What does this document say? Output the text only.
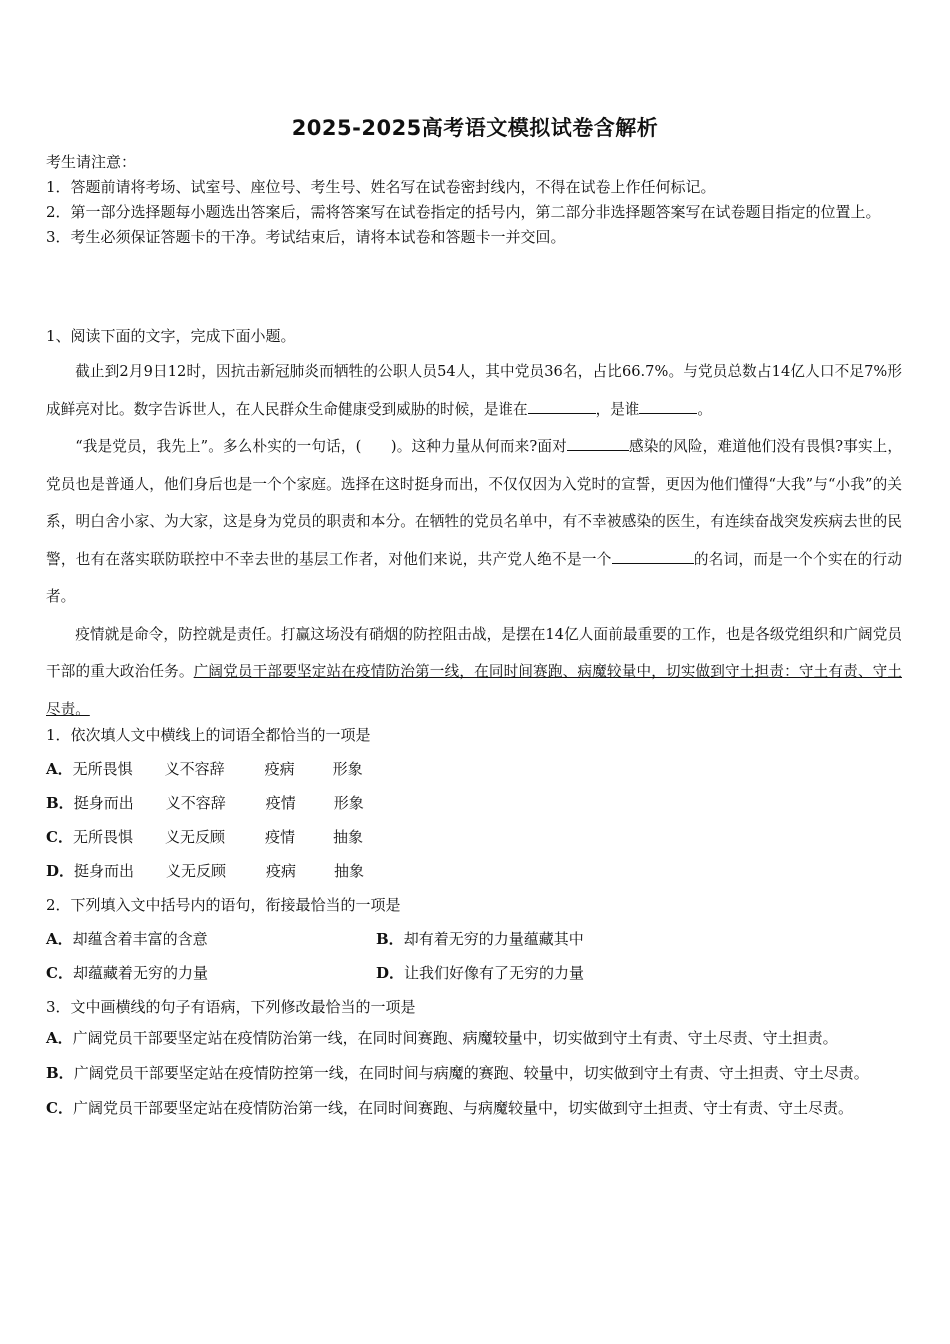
2025-2025高考语文模拟试卷含解析

考生请注意：

1．答题前请将考场、试室号、座位号、考生号、姓名写在试卷密封线内，不得在试卷上作任何标记。

2．第一部分选择题每小题选出答案后，需将答案写在试卷指定的括号内，第二部分非选择题答案写在试卷题目指定的位置上。

3．考生必须保证答题卡的干净。考试结束后，请将本试卷和答题卡一并交回。

1、阅读下面的文字，完成下面小题。

截止到2月9日12时，因抗击新冠肺炎而牺牲的公职人员54人，其中党员36名，占比66.7%。与党员总数占14亿人口不足7%形成鲜亮对比。数字告诉世人，在人民群众生命健康受到威胁的时候，是谁在	，是谁	。

“我是党员，我先上”。多么朴实的一句话，(　　)。这种力量从何而来?面对	感染的风险，难道他们没有畏惧?事实上，党员也是普通人，他们身后也是一个个家庭。选择在这时挺身而出，不仅仅因为入党时的宣誓，更因为他们懂得“大我”与“小我”的关系，明白舍小家、为大家，这是身为党员的职责和本分。在牺牲的党员名单中，有不幸被感染的医生，有连续奋战突发疾病去世的民警，也有在落实联防联控中不幸去世的基层工作者，对他们来说，共产党人绝不是一个	的名词，而是一个个实在的行动者。

疫情就是命令，防控就是责任。打赢这场没有硝烟的防控阻击战，是摆在14亿人面前最重要的工作，也是各级党组织和广阔党员干部的重大政治任务。广阔党员干部要坚定站在疫情防治第一线，在同时间赛跑、病魔较量中，切实做到守土担责：守土有责、守土尽责。

1．依次填人文中横线上的词语全都恰当的一项是
A．无所畏惧 义不容辞	疫病	形象
B．挺身而出 义不容辞	疫情	形象
C．无所畏惧 义无反顾	疫情	抽象
D．挺身而出 义无反顾	疫病	抽象
2．下列填入文中括号内的语句，衔接最恰当的一项是
A．却蕴含着丰富的含意	B．却有着无穷的力量蕴藏其中
C．却蕴藏着无穷的力量	D．让我们好像有了无穷的力量
3．文中画横线的句子有语病，下列修改最恰当的一项是

A．广阔党员干部要坚定站在疫情防治第一线，在同时间赛跑、病魔较量中，切实做到守土有责、守土尽责、守土担责。

B．广阔党员干部要坚定站在疫情防控第一线，在同时间与病魔的赛跑、较量中，切实做到守土有责、守土担责、守土尽责。

C．广阔党员干部要坚定站在疫情防治第一线，在同时间赛跑、与病魔较量中，切实做到守土担责、守士有责、守土尽责。
